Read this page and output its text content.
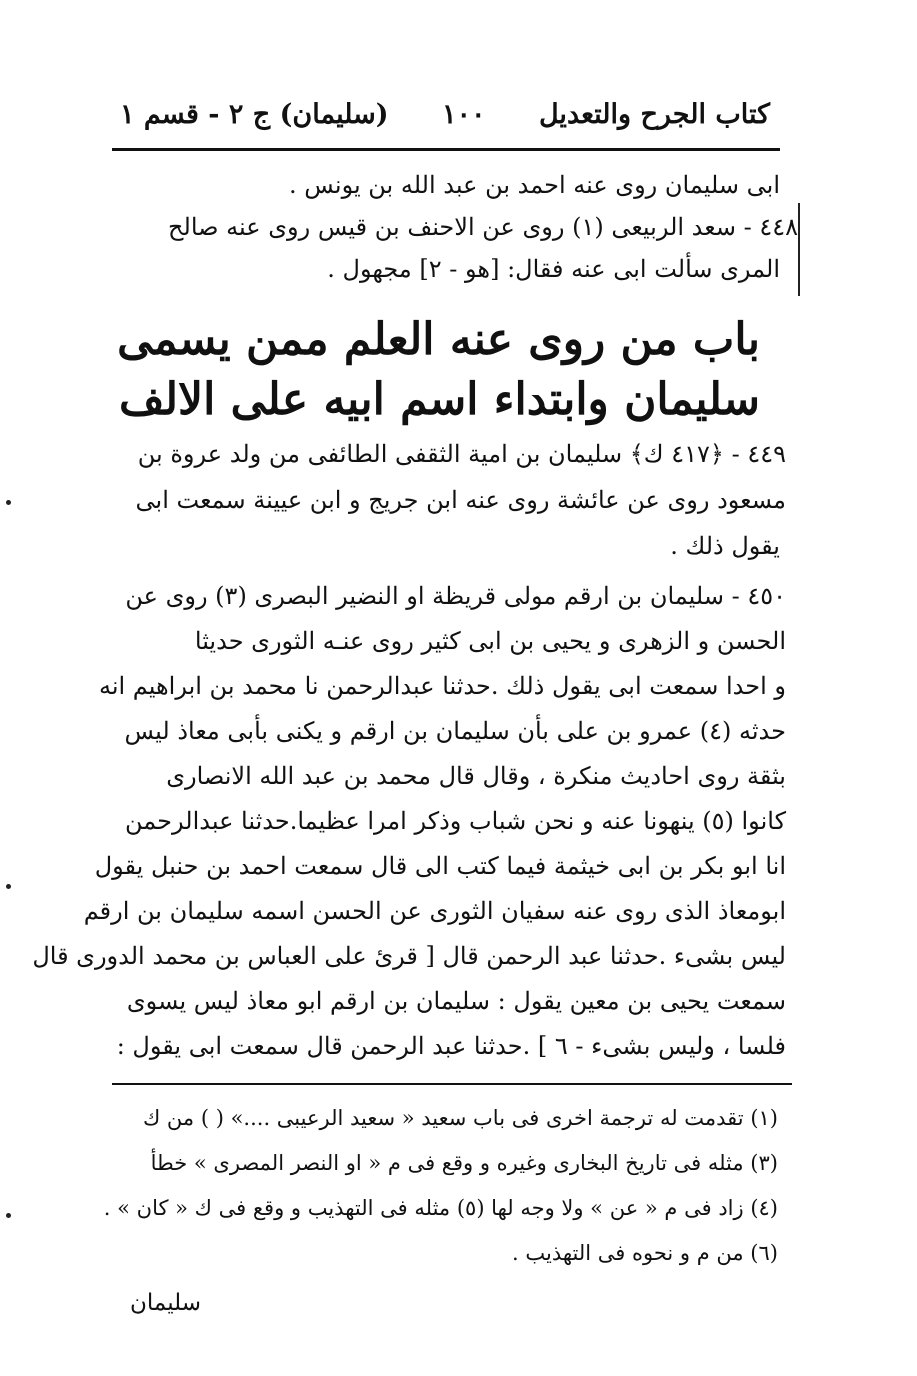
كتاب الجرح والتعديل
١٠٠
(سليمان) ج ٢ - قسم ١
ابى سليمان روى عنه احمد بن عبد الله بن يونس .
٤٤٨ - سعد الربيعى (١) روى عن الاحنف بن قيس روى عنه صالح
المرى سألت ابى عنه فقال: [هو - ٢] مجهول .
باب من روى عنه العلم ممن يسمى
سليمان وابتداء اسم ابيه على الالف
٤٤٩ - ﴿٤١٧ ك﴾ سليمان بن امية الثقفى الطائفى من ولد عروة بن
مسعود روى عن عائشة روى عنه ابن جريج و ابن عيينة سمعت ابى
يقول ذلك .
٤٥٠ - سليمان بن ارقم مولى قريظة او النضير البصرى (٣) روى عن
الحسن و الزهرى و يحيى بن ابى كثير روى عنـه الثورى حديثا
و احدا سمعت ابى يقول ذلك .حدثنا عبدالرحمن نا محمد بن ابراهيم انه
حدثه (٤) عمرو بن على بأن سليمان بن ارقم و يكنى بأبى معاذ ليس
بثقة روى احاديث منكرة ، وقال قال محمد بن عبد الله الانصارى
كانوا (٥) ينهونا عنه و نحن شباب وذكر امرا عظيما.حدثنا عبدالرحمن
انا ابو بكر بن ابى خيثمة فيما كتب الى قال سمعت احمد بن حنبل يقول
ابومعاذ الذى روى عنه سفيان الثورى عن الحسن اسمه سليمان بن ارقم
ليس بشىء .حدثنا عبد الرحمن قال [ قرئ على العباس بن محمد الدورى قال
سمعت يحيى بن معين يقول : سليمان بن ارقم ابو معاذ ليس يسوى
فلسا ، وليس بشىء - ٦ ] .حدثنا عبد الرحمن قال سمعت ابى يقول :
(١) تقدمت له ترجمة اخرى فى باب سعيد « سعيد الرعيبى ....» ( ) من ك
(٣) مثله فى تاريخ البخارى وغيره و وقع فى م « او النصر المصرى » خطأ
(٤) زاد فى م « عن » ولا وجه لها (٥) مثله فى التهذيب و وقع فى ك « كان » .
(٦) من م و نحوه فى التهذيب .
سليمان
